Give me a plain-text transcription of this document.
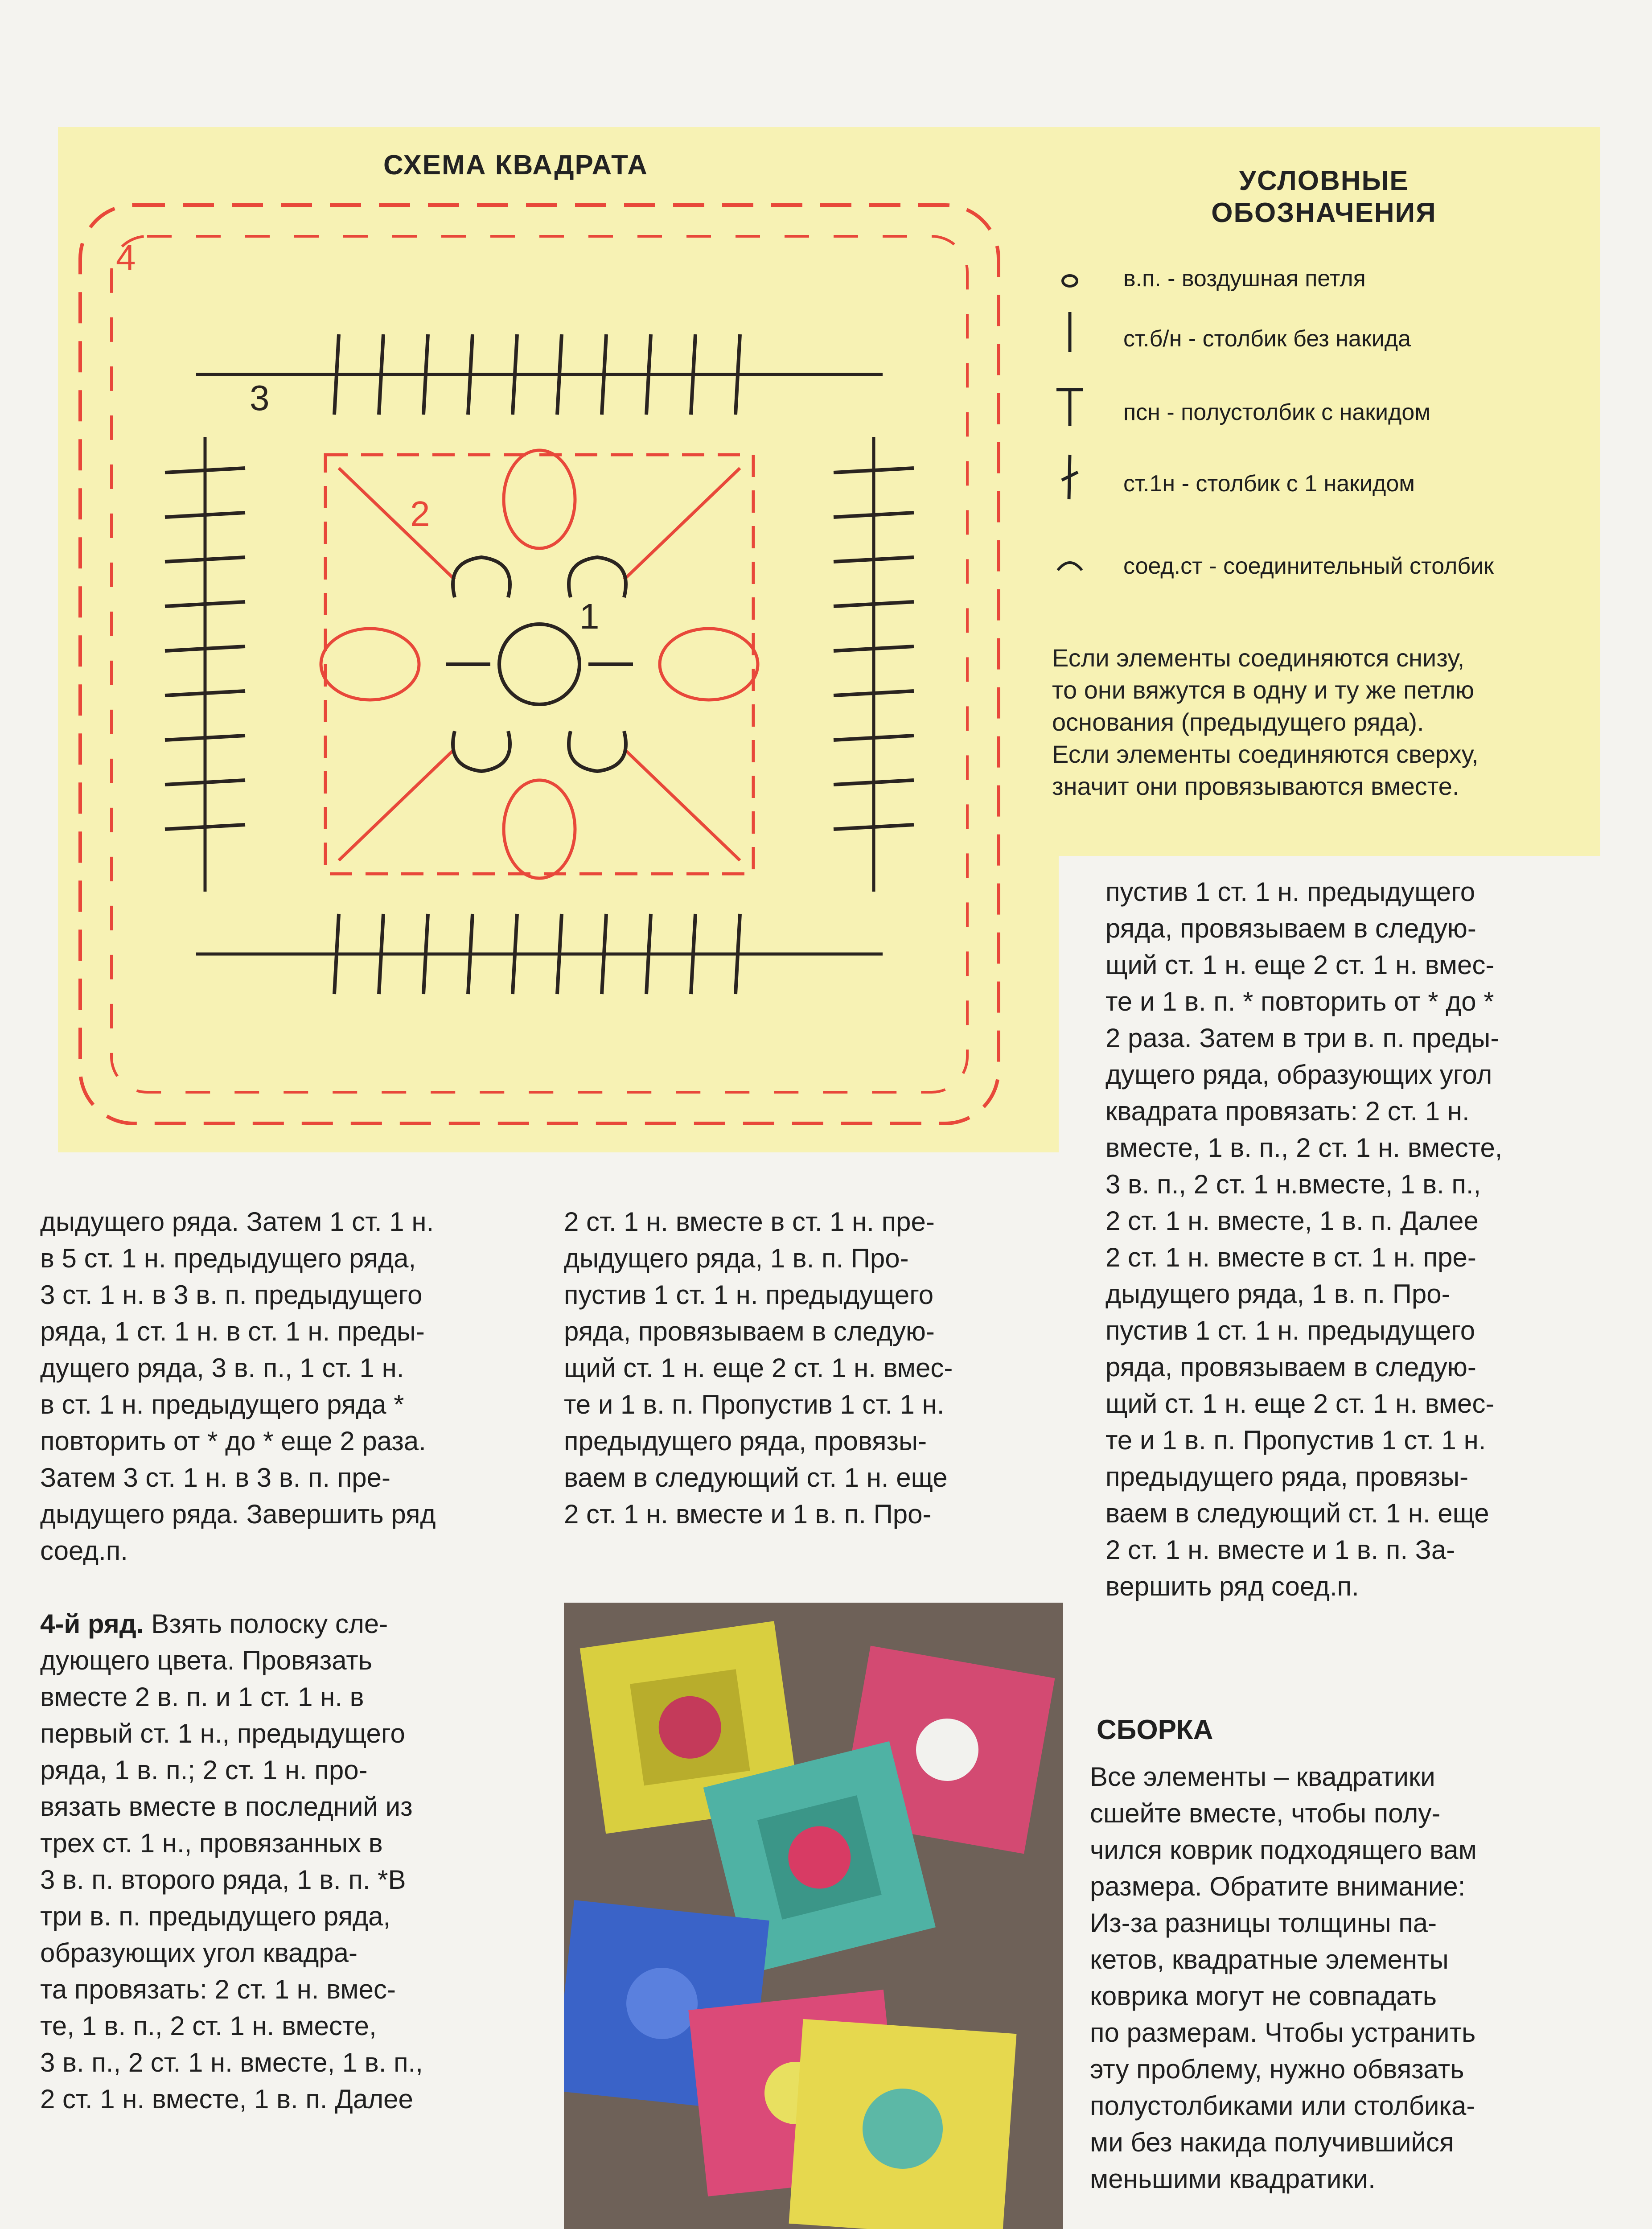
СХЕМА КВАДРАТА
4
3
2
1
УСЛОВНЫЕ
ОБОЗНАЧЕНИЯ
в.п. - воздушная петля
ст.б/н - столбик без накида
псн - полустолбик с накидом
ст.1н - столбик с 1 накидом
соед.ст - соединительный столбик
Если элементы соединяются снизу,
то они вяжутся в одну и ту же петлю
основания (предыдущего ряда).
Если элементы соединяются сверху,
значит они провязываются вместе.

дыдущего ряда. Затем 1 ст. 1 н.

в 5 ст. 1 н. предыдущего ряда,

3 ст. 1 н. в 3 в. п. предыдущего

ряда, 1 ст. 1 н. в ст. 1 н. преды-

дущего ряда, 3 в. п., 1 ст. 1 н.

в ст. 1 н. предыдущего ряда *

повторить от * до * еще 2 раза.

Затем 3 ст. 1 н. в 3 в. п. пре-

дыдущего ряда. Завершить ряд

соед.п.

4-й ряд. Взять полоску сле-

дующего цвета. Провязать

вместе 2 в. п. и 1 ст. 1 н. в

первый ст. 1 н., предыдущего

ряда, 1 в. п.; 2 ст. 1 н. про-

вязать вместе в последний из

трех ст. 1 н., провязанных в

3 в. п. второго ряда, 1 в. п. *В

три в. п. предыдущего ряда,

образующих угол квадра-

та провязать: 2 ст. 1 н. вмес-

те, 1 в. п., 2 ст. 1 н. вместе,

3 в. п., 2 ст. 1 н. вместе, 1 в. п.,

2 ст. 1 н. вместе, 1 в. п. Далее

2 ст. 1 н. вместе в ст. 1 н. пре-

дыдущего ряда, 1 в. п. Про-

пустив 1 ст. 1 н. предыдущего

ряда, провязываем в следую-

щий ст. 1 н. еще 2 ст. 1 н. вмес-

те и 1 в. п. Пропустив 1 ст. 1 н.

предыдущего ряда, провязы-

ваем в следующий ст. 1 н. еще

2 ст. 1 н. вместе и 1 в. п. Про-

пустив 1 ст. 1 н. предыдущего

ряда, провязываем в следую-

щий ст. 1 н. еще 2 ст. 1 н. вмес-

те и 1 в. п. * повторить от * до *

2 раза. Затем в три в. п. преды-

дущего ряда, образующих угол

квадрата провязать: 2 ст. 1 н.

вместе, 1 в. п., 2 ст. 1 н. вместе,

3 в. п., 2 ст. 1 н.вместе, 1 в. п.,

2 ст. 1 н. вместе, 1 в. п. Далее

2 ст. 1 н. вместе в ст. 1 н. пре-

дыдущего ряда, 1 в. п. Про-

пустив 1 ст. 1 н. предыдущего

ряда, провязываем в следую-

щий ст. 1 н. еще 2 ст. 1 н. вмес-

те и 1 в. п. Пропустив 1 ст. 1 н.

предыдущего ряда, провязы-

ваем в следующий ст. 1 н. еще

2 ст. 1 н. вместе и 1 в. п. За-

вершить ряд соед.п.

СБОРКА

Все элементы – квадратики

сшейте вместе, чтобы полу-

чился коврик подходящего вам

размера. Обратите внимание:

Из-за разницы толщины па-

кетов, квадратные элементы

коврика могут не совпадать

по размерам. Чтобы устранить

эту проблему, нужно обвязать

полустолбиками или столбика-

ми без накида получившийся

меньшими квадратики.
